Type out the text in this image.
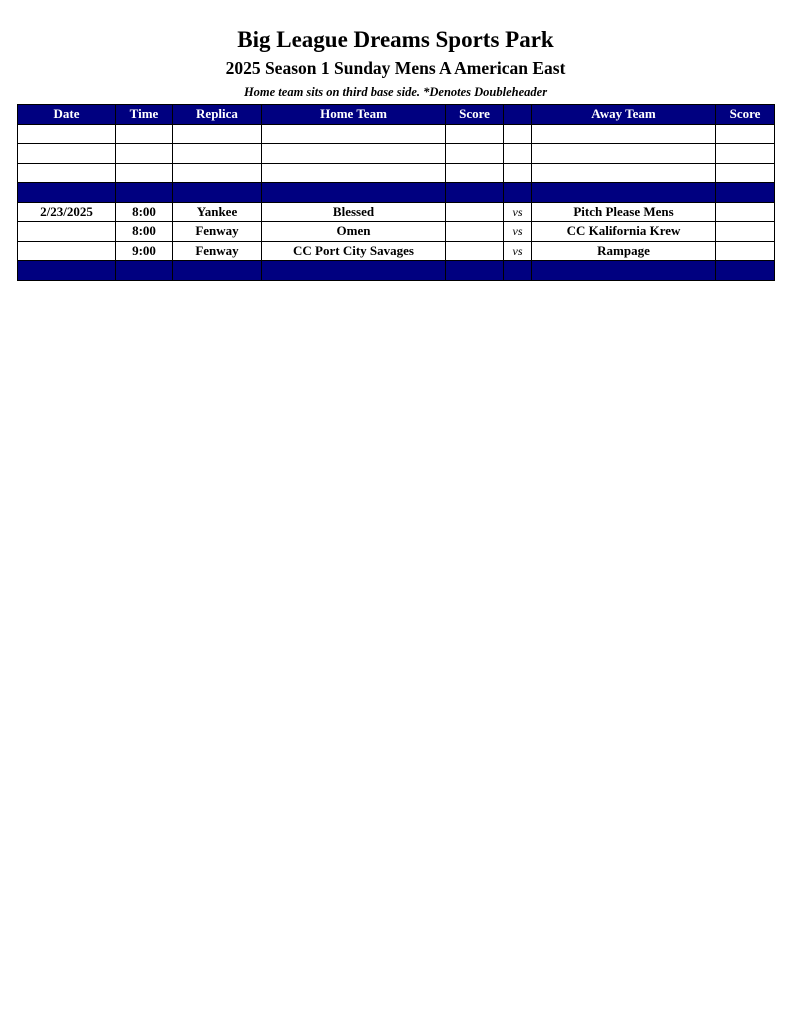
Big League Dreams Sports Park
2025 Season 1 Sunday Mens A American East
Home team sits on third base side. *Denotes Doubleheader
Date	Time	Replica	Home Team	Score		Away Team	Score

2/23/2025	8:00	Yankee	Blessed		vs	Pitch Please Mens	
	8:00	Fenway	Omen		vs	CC Kalifornia Krew	
	9:00	Fenway	CC Port City Savages		vs	Rampage	
